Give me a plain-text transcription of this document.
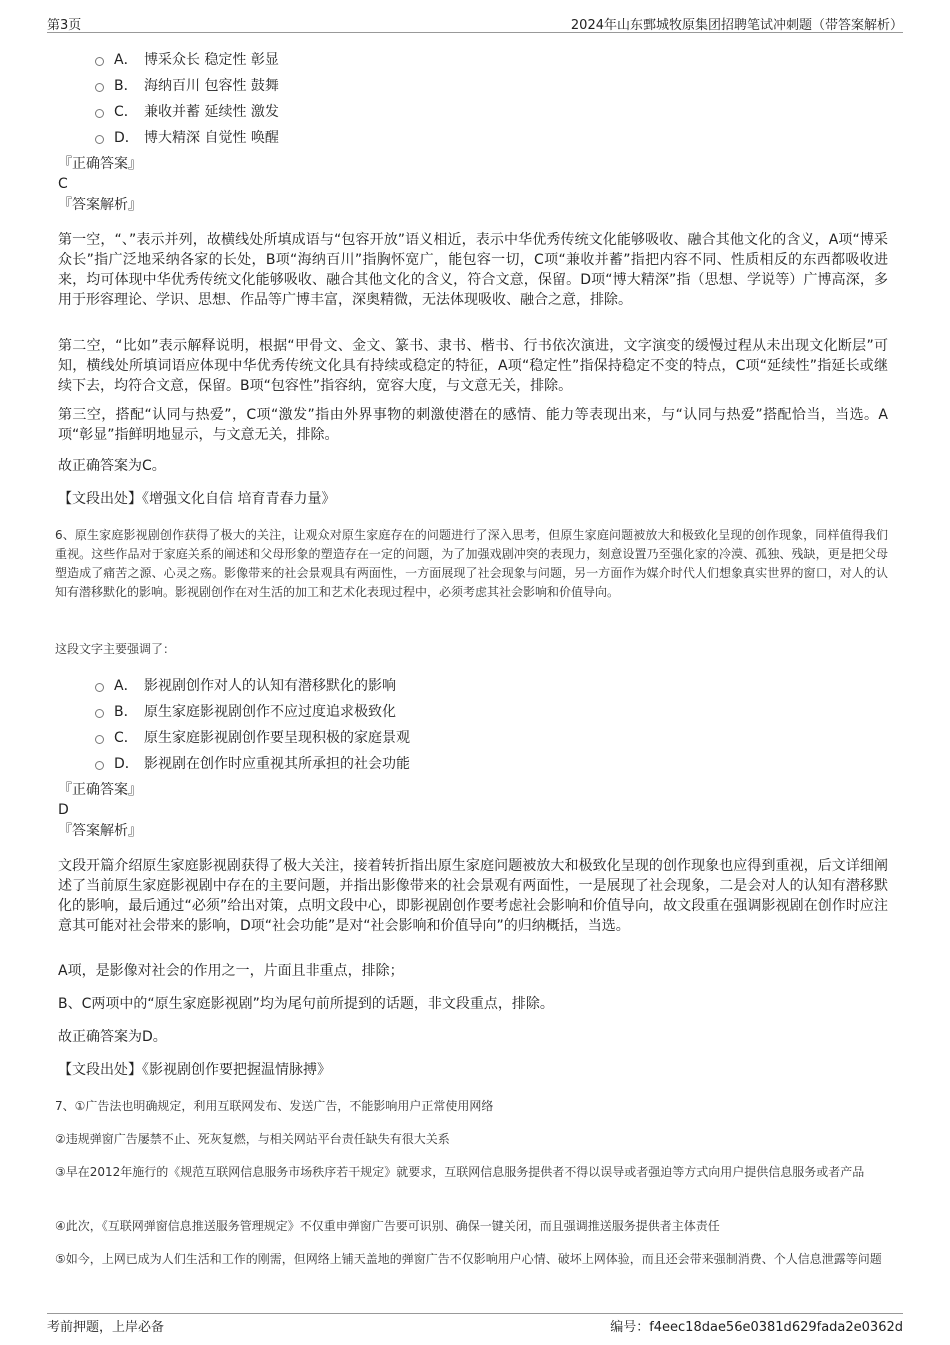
第3页	2024年山东鄄城牧原集团招聘笔试冲刺题（带答案解析）
A． 博采众长 稳定性 彰显
B． 海纳百川 包容性 鼓舞
C． 兼收并蓄 延续性 激发
D． 博大精深 自觉性 唤醒
『正确答案』
C
『答案解析』
第一空，“、”表示并列，故横线处所填成语与“包容开放”语义相近，表示中华优秀传统文化能够吸收、融合其他文化的含义，A项“博采众长”指广泛地采纳各家的长处，B项“海纳百川”指胸怀宽广，能包容一切，C项“兼收并蓄”指把内容不同、性质相反的东西都吸收进来，均可体现中华优秀传统文化能够吸收、融合其他文化的含义，符合文意，保留。D项“博大精深”指（思想、学说等）广博高深，多用于形容理论、学识、思想、作品等广博丰富，深奥精微，无法体现吸收、融合之意，排除。
第二空，“比如”表示解释说明，根据“甲骨文、金文、篆书、隶书、楷书、行书依次演进，文字演变的缓慢过程从未出现文化断层”可知，横线处所填词语应体现中华优秀传统文化具有持续或稳定的特征，A项“稳定性”指保持稳定不变的特点，C项“延续性”指延长或继续下去，均符合文意，保留。B项“包容性”指容纳，宽容大度，与文意无关，排除。
第三空，搭配“认同与热爱”，C项“激发”指由外界事物的刺激使潜在的感情、能力等表现出来，与“认同与热爱”搭配恰当，当选。A项“彰显”指鲜明地显示，与文意无关，排除。
故正确答案为C。
【文段出处】《增强文化自信 培育青春力量》
6、原生家庭影视剧创作获得了极大的关注，让观众对原生家庭存在的问题进行了深入思考，但原生家庭问题被放大和极致化呈现的创作现象，同样值得我们重视。这些作品对于家庭关系的阐述和父母形象的塑造存在一定的问题，为了加强戏剧冲突的表现力，刻意设置乃至强化家的冷漠、孤独、残缺，更是把父母塑造成了痛苦之源、心灵之殇。影像带来的社会景观具有两面性，一方面展现了社会现象与问题，另一方面作为媒介时代人们想象真实世界的窗口，对人的认知有潜移默化的影响。影视剧创作在对生活的加工和艺术化表现过程中，必须考虑其社会影响和价值导向。
这段文字主要强调了：
A． 影视剧创作对人的认知有潜移默化的影响
B． 原生家庭影视剧创作不应过度追求极致化
C． 原生家庭影视剧创作要呈现积极的家庭景观
D． 影视剧在创作时应重视其所承担的社会功能
『正确答案』
D
『答案解析』
文段开篇介绍原生家庭影视剧获得了极大关注，接着转折指出原生家庭问题被放大和极致化呈现的创作现象也应得到重视，后文详细阐述了当前原生家庭影视剧中存在的主要问题，并指出影像带来的社会景观有两面性，一是展现了社会现象，二是会对人的认知有潜移默化的影响，最后通过“必须”给出对策，点明文段中心，即影视剧创作要考虑社会影响和价值导向，故文段重在强调影视剧在创作时应注意其可能对社会带来的影响，D项“社会功能”是对“社会影响和价值导向”的归纳概括，当选。
A项，是影像对社会的作用之一，片面且非重点，排除；
B、C两项中的“原生家庭影视剧”均为尾句前所提到的话题，非文段重点，排除。
故正确答案为D。
【文段出处】《影视剧创作要把握温情脉搏》
7、①广告法也明确规定，利用互联网发布、发送广告，不能影响用户正常使用网络
②违规弹窗广告屡禁不止、死灰复燃，与相关网站平台责任缺失有很大关系
③早在2012年施行的《规范互联网信息服务市场秩序若干规定》就要求，互联网信息服务提供者不得以误导或者强迫等方式向用户提供信息服务或者产品
④此次，《互联网弹窗信息推送服务管理规定》不仅重申弹窗广告要可识别、确保一键关闭，而且强调推送服务提供者主体责任
⑤如今，上网已成为人们生活和工作的刚需，但网络上铺天盖地的弹窗广告不仅影响用户心情、破坏上网体验，而且还会带来强制消费、个人信息泄露等问题
考前押题，上岸必备	编号：f4eec18dae56e0381d629fada2e0362d
